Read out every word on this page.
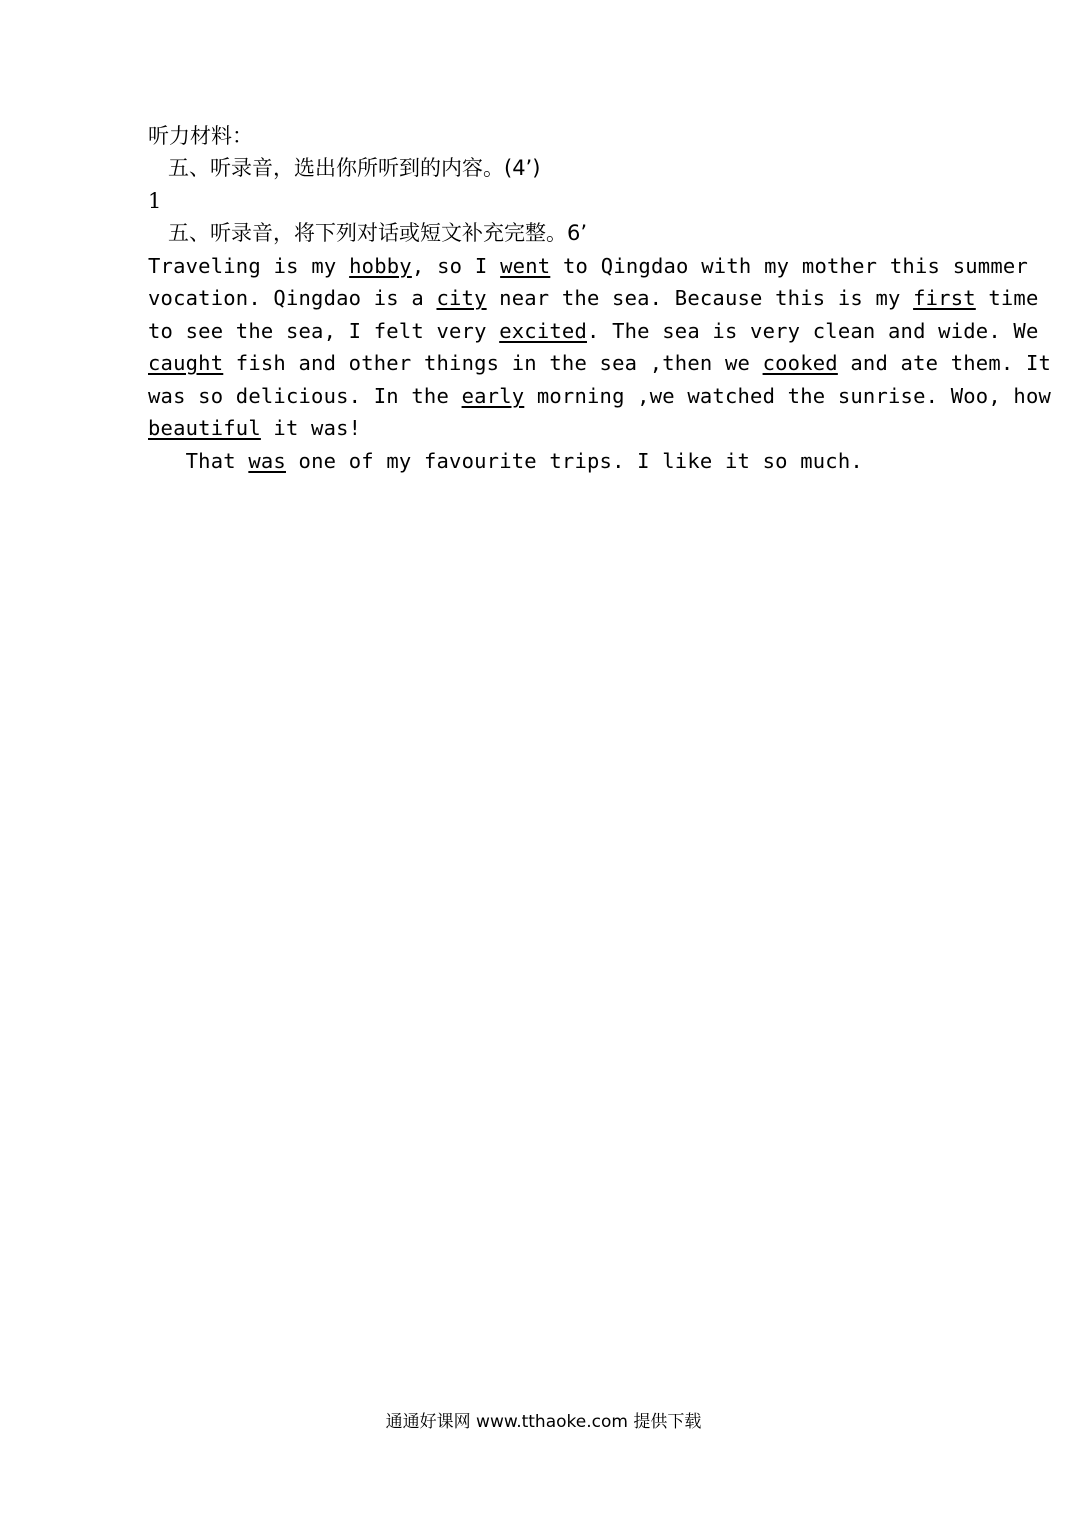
听力材料：
五、听录音，选出你所听到的内容。(4’)
1
五、听录音，将下列对话或短文补充完整。6’
Traveling is my hobby, so I went to Qingdao with my mother this summer
vocation. Qingdao is a city near the sea. Because this is my first time
to see the sea, I felt very excited. The sea is very clean and wide. We
caught fish and other things in the sea ,then we cooked and ate them. It
was so delicious. In the early morning ,we watched the sunrise. Woo, how
beautiful it was!
That was one of my favourite trips. I like it so much.
通通好课网 www.tthaoke.com 提供下载
